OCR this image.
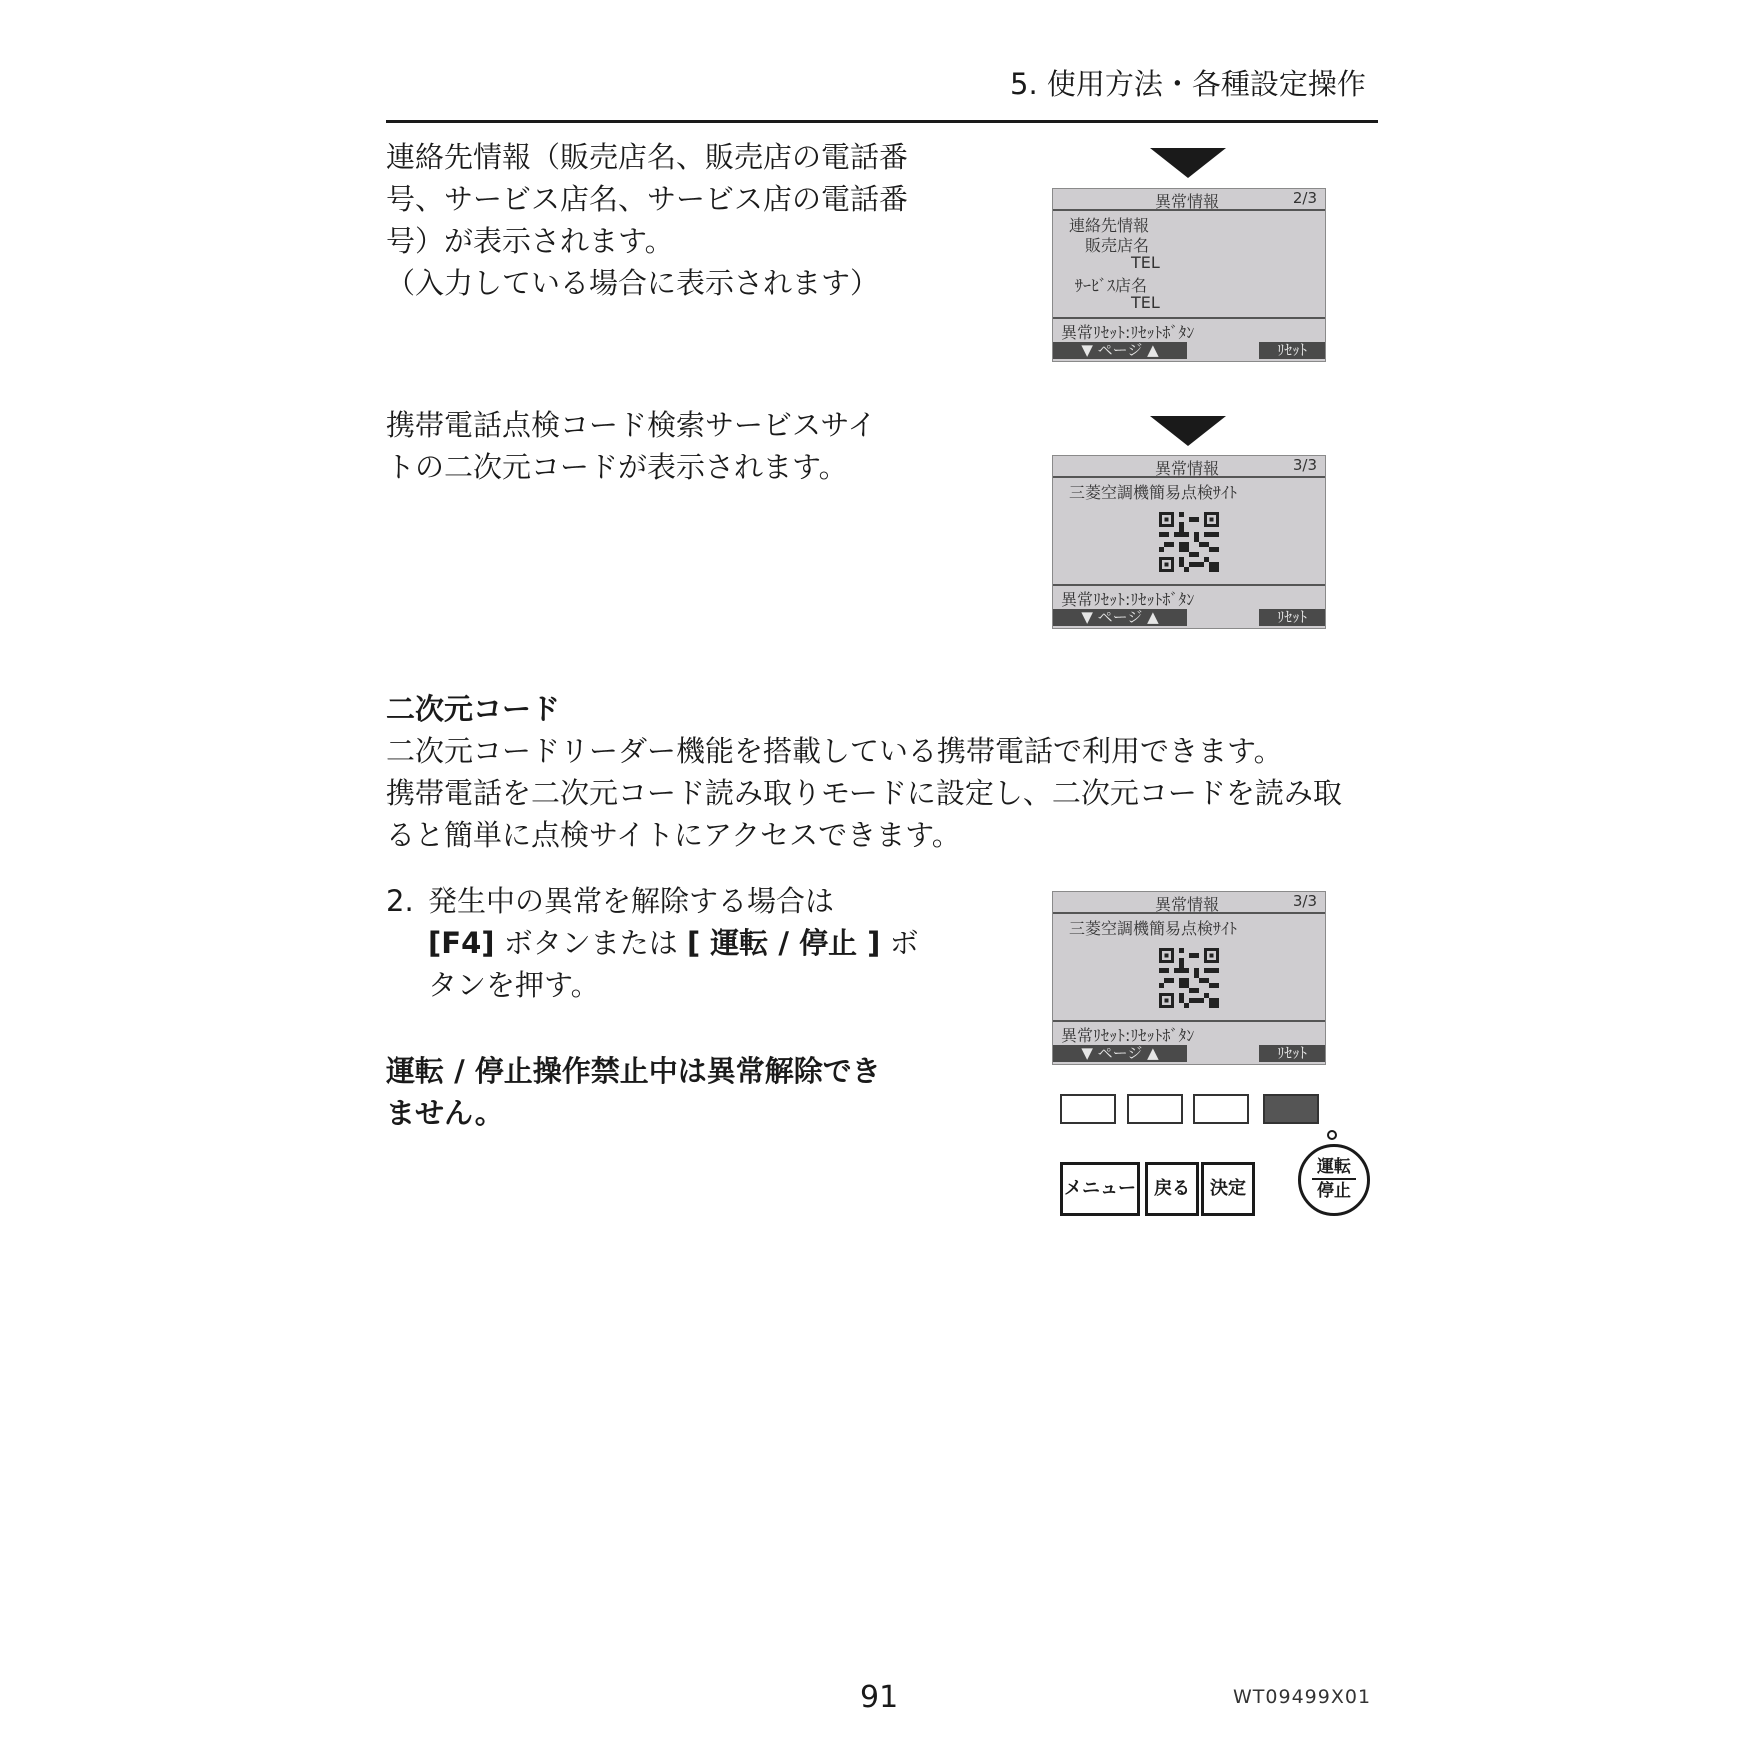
5. 使用方法・各種設定操作
連絡先情報（販売店名、販売店の電話番
号、サービス店名、サービス店の電話番
号）が表示されます。
（入力している場合に表示されます）
異常情報	2/3
連絡先情報
販売店名
TEL
ｻｰﾋﾞｽ店名
TEL
異常ﾘｾｯﾄ:ﾘｾｯﾄﾎﾞﾀﾝ
▼ ページ ▲	ﾘｾｯﾄ
携帯電話点検コード検索サービスサイ
トの二次元コードが表示されます。	異常情報	3/3
三菱空調機簡易点検ｻｲﾄ
異常ﾘｾｯﾄ:ﾘｾｯﾄﾎﾞﾀﾝ
▼ ページ ▲	ﾘｾｯﾄ
二次元コード
二次元コードリーダー機能を搭載している携帯電話で利用できます。
携帯電話を二次元コード読み取りモードに設定し、二次元コードを読み取
ると簡単に点検サイトにアクセスできます。
2. 発生中の異常を解除する場合は
[F4] ボタンまたは [ 運転 / 停止 ] ボ
タンを押す。
運転 / 停止操作禁止中は異常解除でき
ません。
異常情報	3/3
三菱空調機簡易点検ｻｲﾄ
異常ﾘｾｯﾄ:ﾘｾｯﾄﾎﾞﾀﾝ
▼ ページ ▲	ﾘｾｯﾄ
メニュー	戻る	決定
運転
停止
91	WT09499X01
